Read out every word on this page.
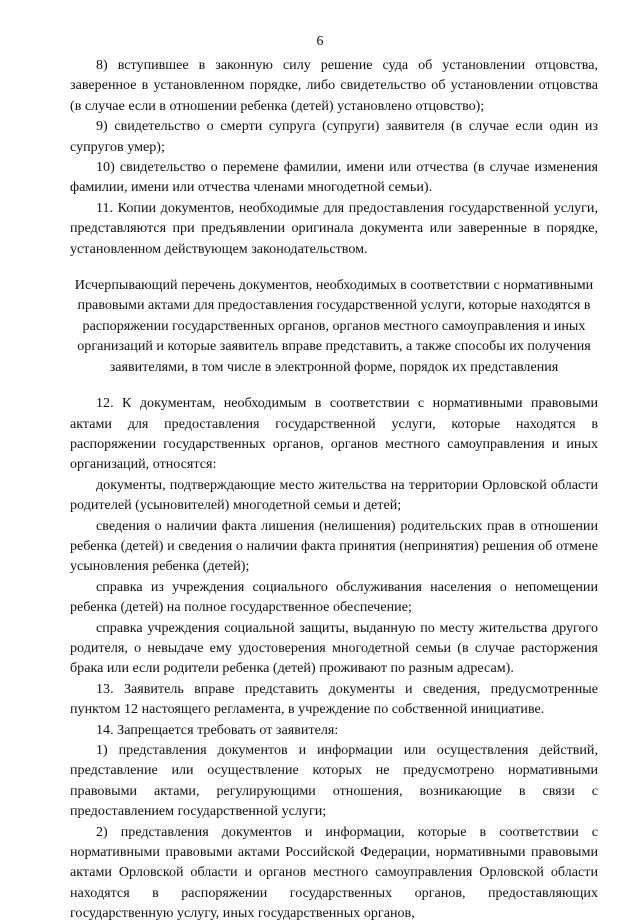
6

8) вступившее в законную силу решение суда об установлении отцовства, заверенное в установленном порядке, либо свидетельство об установлении отцовства (в случае если в отношении ребенка (детей) установлено отцовство);

9) свидетельство о смерти супруга (супруги) заявителя (в случае если один из супругов умер);

10) свидетельство о перемене фамилии, имени или отчества (в случае изменения фамилии, имени или отчества членами многодетной семьи).

11. Копии документов, необходимые для предоставления государственной услуги, представляются при предъявлении оригинала документа или заверенные в порядке, установленном действующем законодательством.

Исчерпывающий перечень документов, необходимых в соответствии с нормативными правовыми актами для предоставления государственной услуги, которые находятся в распоряжении государственных органов, органов местного самоуправления и иных организаций и которые заявитель вправе представить, а также способы их получения заявителями, в том числе в электронной форме, порядок их представления

12. К документам, необходимым в соответствии с нормативными правовыми актами для предоставления государственной услуги, которые находятся в распоряжении государственных органов, органов местного самоуправления и иных организаций, относятся:

документы, подтверждающие место жительства на территории Орловской области родителей (усыновителей) многодетной семьи и детей;

сведения о наличии факта лишения (нелишения) родительских прав в отношении ребенка (детей) и сведения о наличии факта принятия (непринятия) решения об отмене усыновления ребенка (детей);

справка из учреждения социального обслуживания населения о непомещении ребенка (детей) на полное государственное обеспечение;

справка учреждения социальной защиты, выданную по месту жительства другого родителя, о невыдаче ему удостоверения многодетной семьи (в случае расторжения брака или если родители ребенка (детей) проживают по разным адресам).

13. Заявитель вправе представить документы и сведения, предусмотренные пунктом 12 настоящего регламента, в учреждение по собственной инициативе.

14. Запрещается требовать от заявителя:

1) представления документов и информации или осуществления действий, представление или осуществление которых не предусмотрено нормативными правовыми актами, регулирующими отношения, возникающие в связи с предоставлением государственной услуги;

2) представления документов и информации, которые в соответствии с нормативными правовыми актами Российской Федерации, нормативными правовыми актами Орловской области и органов местного самоуправления Орловской области находятся в распоряжении государственных органов, предоставляющих государственную услугу, иных государственных органов,
